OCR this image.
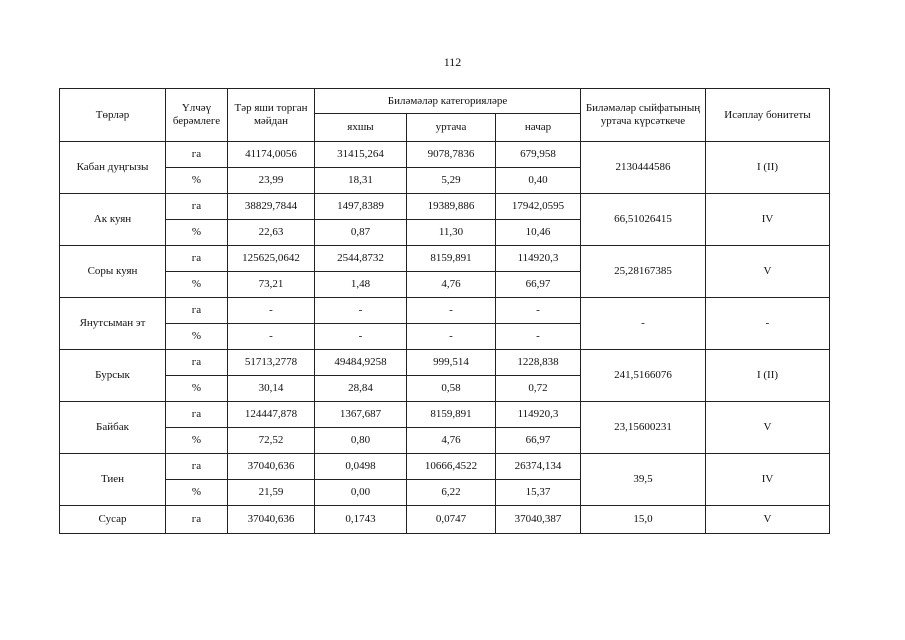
112
Төрләр	Үлчәү берәмлеге	Тәр яши торган мәйдан	Биләмәләр категорияләре			Биләмәләр сыйфатының уртача күрсәткече	Исәплау бонитеты
			яхшы	уртача	начар		
Кабан дуңгызы	га	41174,0056	31415,264	9078,7836	679,958	2130444586	I (II)
	%	23,99	18,31	5,29	0,40		
Ак куян	га	38829,7844	1497,8389	19389,886	17942,0595	66,51026415	IV
	%	22,63	0,87	11,30	10,46		
Соры куян	га	125625,0642	2544,8732	8159,891	114920,3	25,28167385	V
	%	73,21	1,48	4,76	66,97		
Янутсыман эт	га	-	-	-	-	-	-
	%	-	-	-	-		
Бурсык	га	51713,2778	49484,9258	999,514	1228,838	241,5166076	I (II)
	%	30,14	28,84	0,58	0,72		
Байбак	га	124447,878	1367,687	8159,891	114920,3	23,15600231	V
	%	72,52	0,80	4,76	66,97		
Тиен	га	37040,636	0,0498	10666,4522	26374,134	39,5	IV
	%	21,59	0,00	6,22	15,37		
Сусар	га	37040,636	0,1743	0,0747	37040,387	15,0	V
